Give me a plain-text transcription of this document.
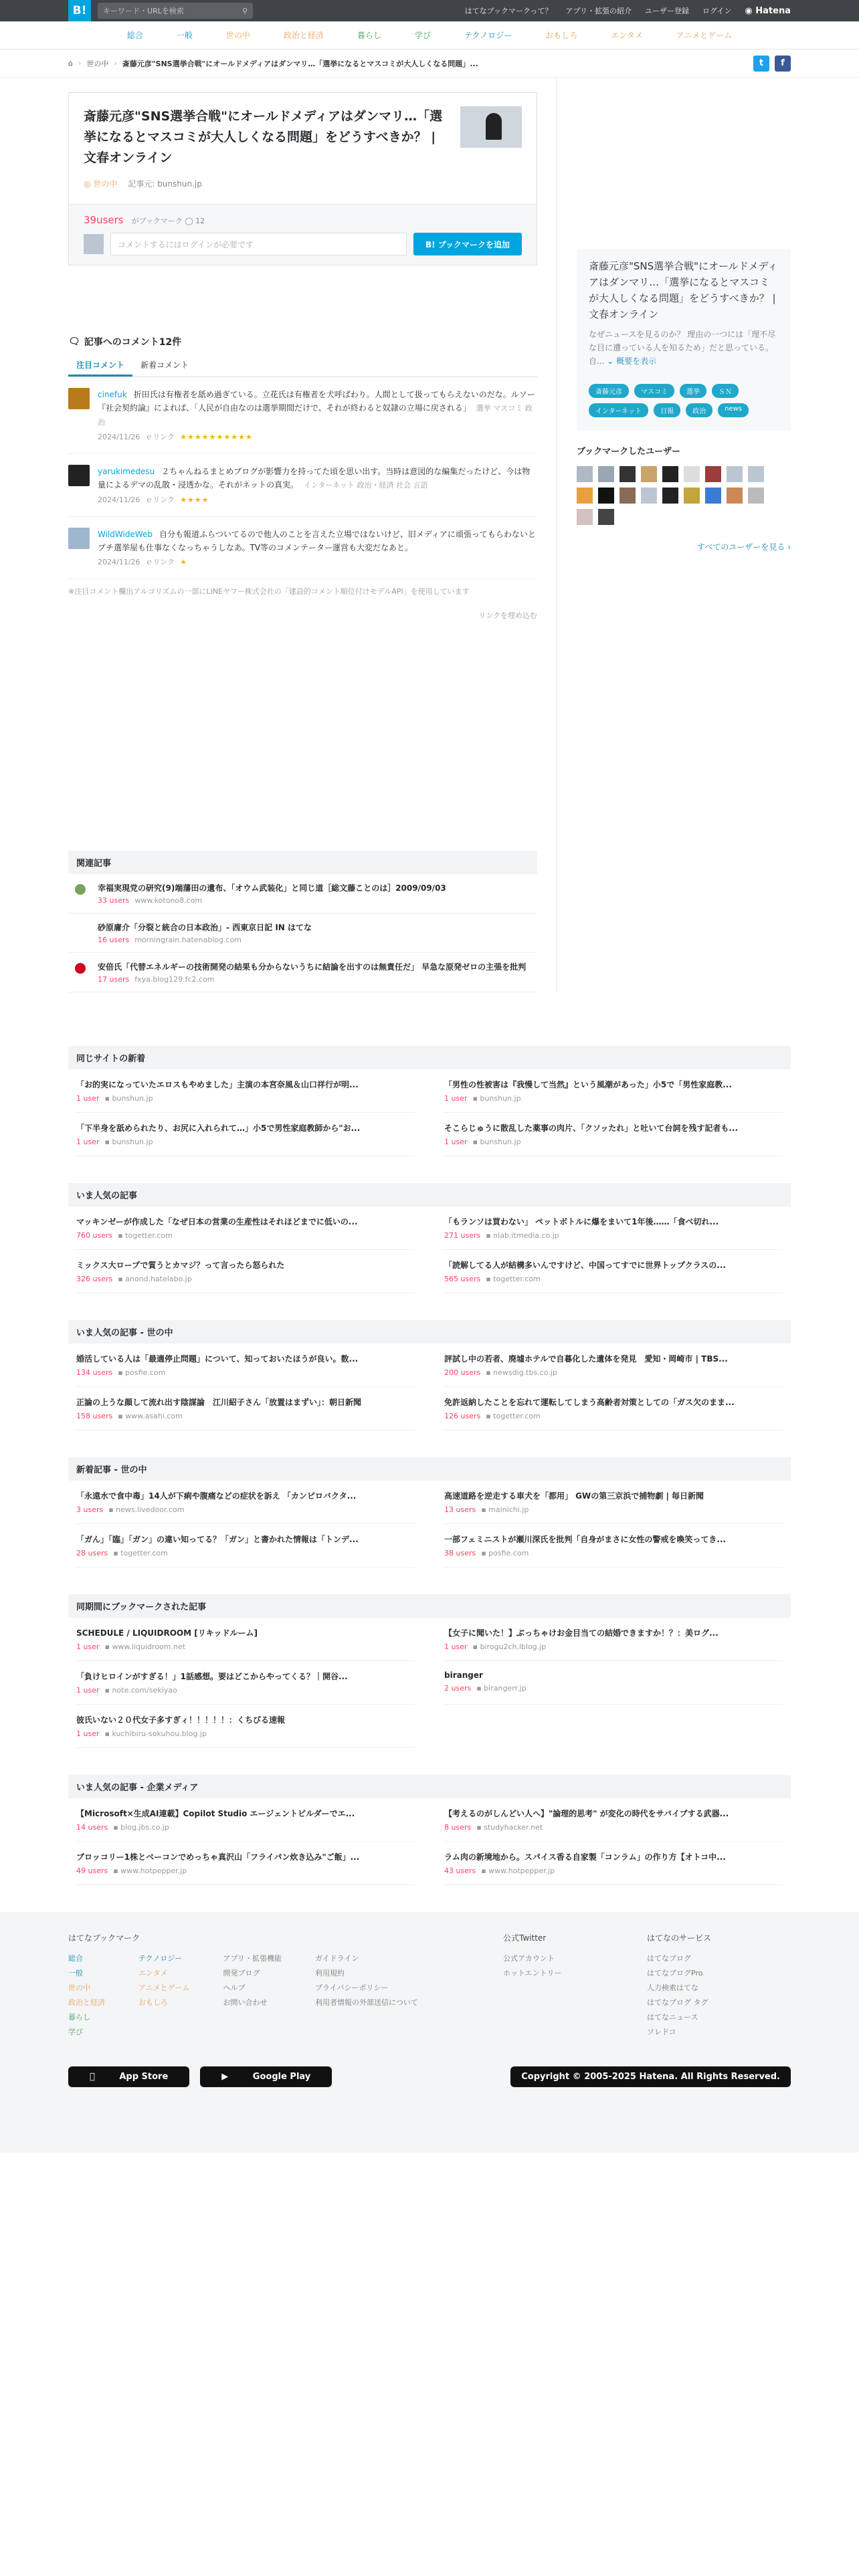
B!	キーワード・URLを検索	⚲	はてなブックマークって？ アプリ・拡張の紹介 ユーザー登録 ログイン ◉ Hatena
総合	一般	世の中	政治と経済	暮らし	学び	テクノロジー	おもしろ	エンタメ	アニメとゲーム
⌂ › 世の中 › 斎藤元彦"SNS選挙合戦"にオールドメディアはダンマリ…「選挙になるとマスコミが大人しくなる問題」...	t	f
斎藤元彦"SNS選挙合戦"にオールドメディアはダンマリ…「選挙になるとマスコミが大人しくなる問題」をどうすべきか？ | 文春オンライン
◎ 世の中 記事元: bunshun.jp
39users がブックマーク ◯ 12
コメントするにはログインが必要です	B! ブックマークを追加
🗨 記事へのコメント12件
注目コメント	新着コメント
cinefuk 折田氏は有権者を舐め過ぎている。立花氏は有権者を犬呼ばわり。人間として扱ってもらえないのだな。ルソー『社会契約論』によれば、「人民が自由なのは選挙期間だけで、それが終わると奴隷の立場に戻される」 選挙 マスコミ 政治
2024/11/26 ｅリンク ★★★★★★★★★★
yarukimedesu ２ちゃんねるまとめブログが影響力を持ってた頃を思い出す。当時は意図的な編集だったけど、今は物量によるデマの乱散・浸透かな。それがネットの真実。 インターネット 政治・経済 社会 言語
2024/11/26 ｅリンク ★★★★
WildWideWeb 自分も報道ふらついてるので他人のことを言えた立場ではないけど、旧メディアに頑張ってもらわないとプチ選挙屋も仕事なくなっちゃうしなあ。TV等のコメンテーター運営も大変だなあと。
2024/11/26 ｅリンク ★
※注目コメント欄出アルゴリズムの一部にLINEヤフー株式会社の「建設的コメント順位付けモデルAPI」を使用しています
リンクを埋め込む
関連記事
幸福実現党の研究(9)端藩田の遺布、「オウム武装化」と同じ道［総文藤ことのは］2009/09/03
33 users www.kotono8.com
砂原庸介「分裂と統合の日本政治」- 西東京日記 IN はてな
16 users morningrain.hatenablog.com
安倍氏「代替エネルギーの技術開発の結果も分からないうちに結論を出すのは無責任だ」 早急な原発ゼロの主張を批判
17 users fxya.blog129.fc2.com
斎藤元彦"SNS選挙合戦"にオールドメディアはダンマリ…「選挙になるとマスコミが大人しくなる問題」をどうすべきか？ | 文春オンライン
なぜニュースを見るのか？ 理由の一つには「理不尽な目に遭っている人を知るため」だと思っている。自... ⌄ 概要を表示
斎藤元彦	マスコミ	選挙	ＳＮ
インターネット	日報	政治	news
ブックマークしたユーザー
すべてのユーザーを見る ›
同じサイトの新着
「お的実になっていたエロスもやめました」主演の本宮奈風＆山口祥行が明...
1 user ▪ bunshun.jp
「男性の性被害は『我慢して当然』という風潮があった」小5で「男性家庭教...
1 user ▪ bunshun.jp
「下半身を舐められたり、お尻に入れられて…」小5で男性家庭教師から"お...
1 user ▪ bunshun.jp
そこらじゅうに散乱した薬事の肉片、「クソッたれ」と吐いて台詞を残す記者も...
1 user ▪ bunshun.jp
いま人気の記事
マッキンゼーが作成した「なぜ日本の営業の生産性はそれほどまでに低いの...
760 users ▪ togetter.com
「もランソは買わない」 ペットボトルに爆をまいて1年後……「食べ切れ...
271 users ▪ nlab.itmedia.co.jp
ミックス大ロープで質うとカマジ？って言ったら怒られた
326 users ▪ anond.hatelabo.jp
「読解してる人が結構多いんですけど、中国ってすでに世界トップクラスの...
565 users ▪ togetter.com
いま人気の記事 - 世の中
婚活している人は「最適停止問題」について、知っておいたほうが良い。数...
134 users ▪ posfie.com
評試し中の若者、廃墟ホテルで自暮化した遺体を発見　愛知・岡崎市 | TBS...
200 users ▪ newsdig.tbs.co.jp
正論の上うな顔して流れ出す陰謀論　江川紹子さん「放置はまずい」：朝日新聞
158 users ▪ www.asahi.com
免許返納したことを忘れて運転してしまう高齢者対策としての「ガス欠のまま...
126 users ▪ togetter.com
新着記事 - 世の中
「永遠水で食中毒」14人が下痢や腹痛などの症状を訴え 「カンピロバクタ...
3 users ▪ news.livedoor.com
高速道路を逆走する車犬を「都用」 GWの第三京浜で捕物劇 | 毎日新聞
13 users ▪ mainichi.jp
「ガん」「臨」「ガン」の違い知ってる？「ガン」と書かれた情報は「トンデ...
28 users ▪ togetter.com
一部フェミニストが瀬川深氏を批判「自身がまさに女性の警戒を喚笑ってき...
38 users ▪ posfie.com
同期間にブックマークされた記事
SCHEDULE / LIQUIDROOM [リキッドルーム]
1 user ▪ www.liquidroom.net
【女子に聞いた！】ぶっちゃけお金目当ての結婚できますか！？：美ログ...
1 user ▪ birogu2ch.lblog.jp
「負けヒロインがすぎる！」1話感想。要はどこからやってくる？｜開谷...
1 user ▪ note.com/sekiyao
biranger
2 users ▪ birangerr.jp
彼氏いない２０代女子多すぎィ！！！！！：くちびる速報
1 user ▪ kuchibiru-sokuhou.blog.jp
いま人気の記事 - 企業メディア
【Microsoft×生成AI連載】Copilot Studio エージェントビルダーでエ...
14 users ▪ blog.jbs.co.jp
【考えるのがしんどい人へ】"論理的思考" が変化の時代をサバイブする武器...
8 users ▪ studyhacker.net
ブロッコリー1株とベーコンでめっちゃ真沢山「フライパン炊き込み"ご飯」...
49 users ▪ www.hotpepper.jp
ラム肉の新境地から。スパイス香る自家製「コンラム」の作り方【オトコ中...
43 users ▪ www.hotpepper.jp
はてなブックマーク
総合
一般
世の中
政治と経済
暮らし
学び
テクノロジー
エンタメ
アニメとゲーム
おもしろ
アプリ・拡張機能
開発ブログ
ヘルプ
お問い合わせ
ガイドライン
利用規約
プライバシーポリシー
利用者情報の外部送信について
公式Twitter
公式アカウント
ホットエントリー
はてなのサービス
はてなブログ
はてなブログPro
人力検索はてな
はてなブログ タグ
はてなニュース
ソレドコ
App Store	▶ Google Play	Copyright © 2005-2025 Hatena. All Rights Reserved.
